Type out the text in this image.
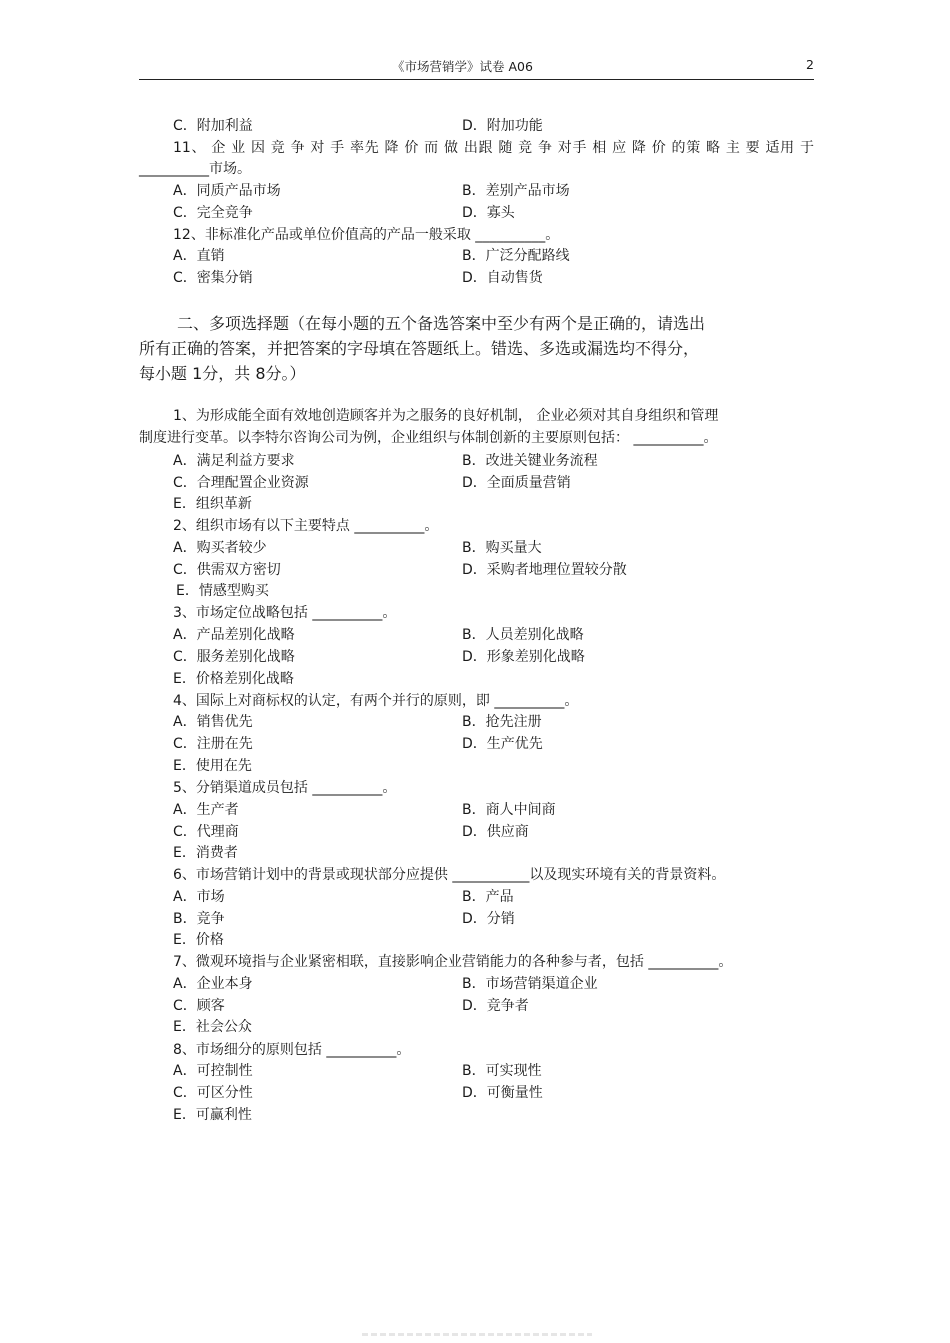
《市场营销学》试卷 A06	2
C．附加利益	D．附加功能
11、 企 业 因 竞 争 对 手 率先 降 价 而 做 出跟 随 竞 争 对手 相 应 降 价 的策 略 主 要 适用 于
__________市场。
A．同质产品市场	B．差别产品市场
C．完全竞争	D．寡头
12、非标准化产品或单位价值高的产品一般采取 __________。
A．直销	B．广泛分配路线
C．密集分销	D．自动售货
二、多项选择题（在每小题的五个备选答案中至少有两个是正确的，请选出
所有正确的答案，并把答案的字母填在答题纸上。错选、多选或漏选均不得分，
每小题 1分，共 8分。）
1、为形成能全面有效地创造顾客并为之服务的良好机制， 企业必须对其自身组织和管理
制度进行变革。以李特尔咨询公司为例，企业组织与体制创新的主要原则包括： __________。
A．满足利益方要求	B．改进关键业务流程
C．合理配置企业资源	D．全面质量营销
E．组织革新
2、组织市场有以下主要特点 __________。
A．购买者较少	B．购买量大
C．供需双方密切	D．采购者地理位置较分散
E．情感型购买
3、市场定位战略包括 __________。
A．产品差别化战略	B．人员差别化战略
C．服务差别化战略	D．形象差别化战略
E．价格差别化战略
4、国际上对商标权的认定，有两个并行的原则，即 __________。
A．销售优先	B．抢先注册
C．注册在先	D．生产优先
E．使用在先
5、分销渠道成员包括 __________。
A．生产者	B．商人中间商
C．代理商	D．供应商
E．消费者
6、市场营销计划中的背景或现状部分应提供 ___________以及现实环境有关的背景资料。
A．市场	B．产品
B．竞争	D．分销
E．价格
7、微观环境指与企业紧密相联，直接影响企业营销能力的各种参与者，包括 __________。
A．企业本身	B．市场营销渠道企业
C．顾客	D．竞争者
E．社会公众
8、市场细分的原则包括 __________。
A．可控制性	B．可实现性
C．可区分性	D．可衡量性
E．可赢利性
